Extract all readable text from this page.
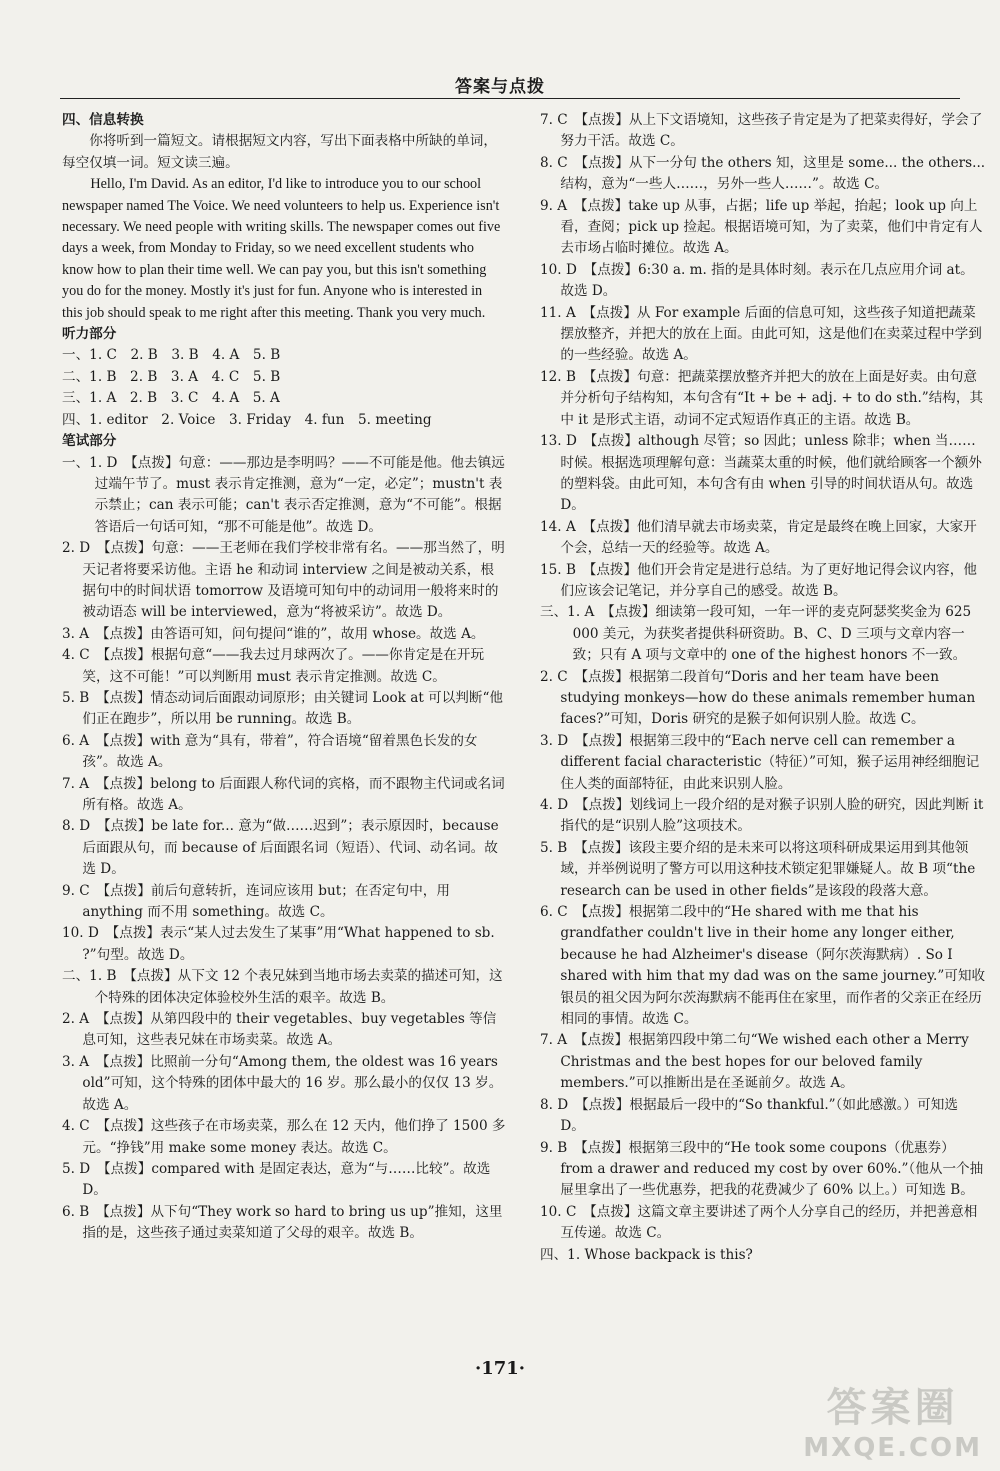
答案与点拨

四、信息转换

你将听到一篇短文。请根据短文内容，写出下面表格中所缺的单词，每空仅填一词。短文读三遍。

Hello, I'm David. As an editor, I'd like to introduce you to our school newspaper named The Voice. We need volunteers to help us. Experience isn't necessary. We need people with writing skills. The newspaper comes out five days a week, from Monday to Friday, so we need excellent students who know how to plan their time well. We can pay you, but this isn't something you do for the money. Mostly it's just for fun. Anyone who is interested in this job should speak to me right after this meeting. Thank you very much.

听力部分

一、1. C　2. B　3. B　4. A　5. B

二、1. B　2. B　3. A　4. C　5. B

三、1. A　2. B　3. C　4. A　5. A

四、1. editor　2. Voice　3. Friday　4. fun　5. meeting

笔试部分

一、1. D　【点拨】句意：——那边是李明吗？——不可能是他。他去镇远过端午节了。must 表示肯定推测，意为“一定，必定”；mustn't 表示禁止；can 表示可能；can't 表示否定推测，意为“不可能”。根据答语后一句话可知，“那不可能是他”。故选 D。

2. D　【点拨】句意：——王老师在我们学校非常有名。——那当然了，明天记者将要采访他。主语 he 和动词 interview 之间是被动关系，根据句中的时间状语 tomorrow 及语境可知句中的动词用一般将来时的被动语态 will be interviewed，意为“将被采访”。故选 D。

3. A　【点拨】由答语可知，问句提问“谁的”，故用 whose。故选 A。

4. C　【点拨】根据句意“——我去过月球两次了。——你肯定是在开玩笑，这不可能！”可以判断用 must 表示肯定推测。故选 C。

5. B　【点拨】情态动词后面跟动词原形；由关键词 Look at 可以判断“他们正在跑步”，所以用 be running。故选 B。

6. A　【点拨】with 意为“具有，带着”，符合语境“留着黑色长发的女孩”。故选 A。

7. A　【点拨】belong to 后面跟人称代词的宾格，而不跟物主代词或名词所有格。故选 A。

8. D　【点拨】be late for... 意为“做……迟到”；表示原因时，because 后面跟从句，而 because of 后面跟名词（短语）、代词、动名词。故选 D。

9. C　【点拨】前后句意转折，连词应该用 but；在否定句中，用 anything 而不用 something。故选 C。

10. D　【点拨】表示“某人过去发生了某事”用“What happened to sb. ?”句型。故选 D。

二、1. B　【点拨】从下文 12 个表兄妹到当地市场去卖菜的描述可知，这个特殊的团体决定体验校外生活的艰辛。故选 B。

2. A　【点拨】从第四段中的 their vegetables、buy vegetables 等信息可知，这些表兄妹在市场卖菜。故选 A。

3. A　【点拨】比照前一分句“Among them, the oldest was 16 years old”可知，这个特殊的团体中最大的 16 岁。那么最小的仅仅 13 岁。故选 A。

4. C　【点拨】这些孩子在市场卖菜，那么在 12 天内，他们挣了 1500 多元。“挣钱”用 make some money 表达。故选 C。

5. D　【点拨】compared with 是固定表达，意为“与……比较”。故选 D。

6. B　【点拨】从下句“They work so hard to bring us up”推知，这里指的是，这些孩子通过卖菜知道了父母的艰辛。故选 B。

7. C　【点拨】从上下文语境知，这些孩子肯定是为了把菜卖得好，学会了努力干活。故选 C。

8. C　【点拨】从下一分句 the others 知，这里是 some... the others... 结构，意为“一些人……，另外一些人……”。故选 C。

9. A　【点拨】take up 从事，占据；life up 举起，抬起；look up 向上看，查阅；pick up 捡起。根据语境可知，为了卖菜，他们中肯定有人去市场占临时摊位。故选 A。

10. D　【点拨】6:30 a. m. 指的是具体时刻。表示在几点应用介词 at。故选 D。

11. A　【点拨】从 For example 后面的信息可知，这些孩子知道把蔬菜摆放整齐，并把大的放在上面。由此可知，这是他们在卖菜过程中学到的一些经验。故选 A。

12. B　【点拨】句意：把蔬菜摆放整齐并把大的放在上面是好卖。由句意并分析句子结构知，本句含有“It + be + adj. + to do sth.”结构，其中 it 是形式主语，动词不定式短语作真正的主语。故选 B。

13. D　【点拨】although 尽管；so 因此；unless 除非；when 当……时候。根据选项理解句意：当蔬菜太重的时候，他们就给顾客一个额外的塑料袋。由此可知，本句含有由 when 引导的时间状语从句。故选 D。

14. A　【点拨】他们清早就去市场卖菜，肯定是最终在晚上回家，大家开个会，总结一天的经验等。故选 A。

15. B　【点拨】他们开会肯定是进行总结。为了更好地记得会议内容，他们应该会记笔记，并分享自己的感受。故选 B。

三、1. A　【点拨】细读第一段可知，一年一评的麦克阿瑟奖奖金为 625 000 美元，为获奖者提供科研资助。B、C、D 三项与文章内容一致；只有 A 项与文章中的 one of the highest honors 不一致。

2. C　【点拨】根据第二段首句“Doris and her team have been studying monkeys—how do these animals remember human faces?”可知，Doris 研究的是猴子如何识别人脸。故选 C。

3. D　【点拨】根据第三段中的“Each nerve cell can remember a different facial characteristic（特征）”可知，猴子运用神经细胞记住人类的面部特征，由此来识别人脸。

4. D　【点拨】划线词上一段介绍的是对猴子识别人脸的研究，因此判断 it 指代的是“识别人脸”这项技术。

5. B　【点拨】该段主要介绍的是未来可以将这项科研成果运用到其他领域，并举例说明了警方可以用这种技术锁定犯罪嫌疑人。故 B 项“the research can be used in other fields”是该段的段落大意。

6. C　【点拨】根据第二段中的“He shared with me that his grandfather couldn't live in their home any longer either, because he had Alzheimer's disease（阿尔茨海默病）. So I shared with him that my dad was on the same journey.”可知收银员的祖父因为阿尔茨海默病不能再住在家里，而作者的父亲正在经历相同的事情。故选 C。

7. A　【点拨】根据第四段中第二句“We wished each other a Merry Christmas and the best hopes for our beloved family members.”可以推断出是在圣诞前夕。故选 A。

8. D　【点拨】根据最后一段中的“So thankful.”（如此感激。）可知选 D。

9. B　【点拨】根据第三段中的“He took some coupons（优惠券） from a drawer and reduced my cost by over 60%.”（他从一个抽屉里拿出了一些优惠券，把我的花费减少了 60% 以上。）可知选 B。

10. C　【点拨】这篇文章主要讲述了两个人分享自己的经历，并把善意相互传递。故选 C。

四、1. Whose backpack is this?

·171·
答案圈
MXQE.COM
